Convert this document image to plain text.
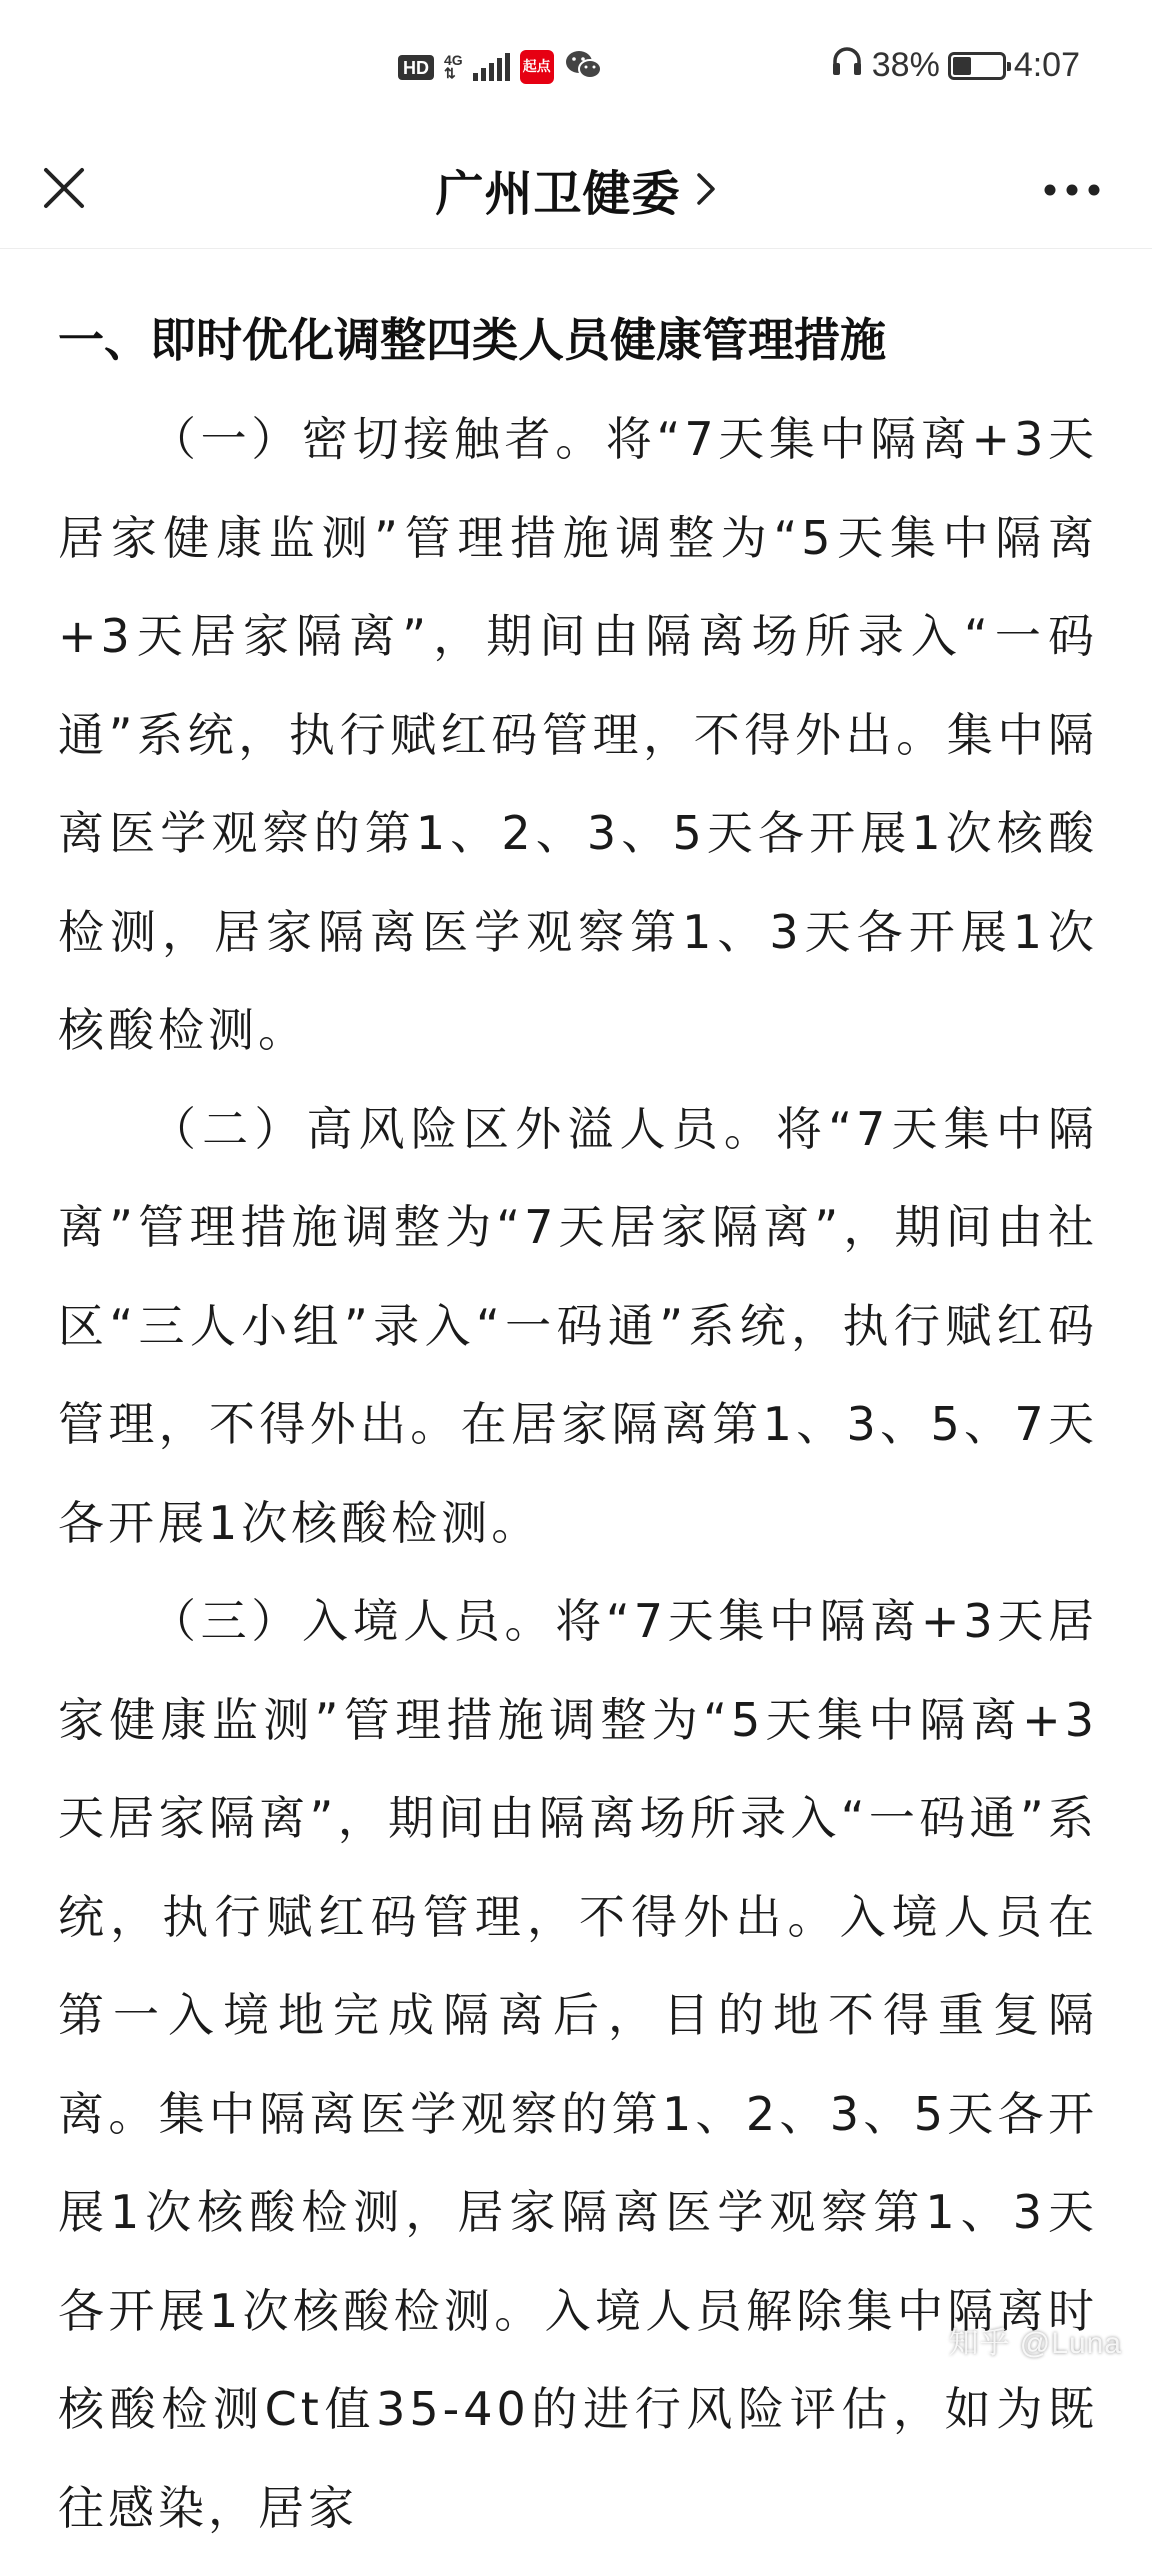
HD	4G
⇅	起点	38% 4:07
广州卫健委
一、即时优化调整四类人员健康管理措施

（一）密切接触者。将“7天集中隔离+3天居家健康监测”管理措施调整为“5天集中隔离+3天居家隔离”，期间由隔离场所录入“一码通”系统，执行赋红码管理，不得外出。集中隔离医学观察的第1、2、3、5天各开展1次核酸检测，居家隔离医学观察第1、3天各开展1次核酸检测。

（二）高风险区外溢人员。将“7天集中隔离”管理措施调整为“7天居家隔离”，期间由社区“三人小组”录入“一码通”系统，执行赋红码管理，不得外出。在居家隔离第1、3、5、7天各开展1次核酸检测。

（三）入境人员。将“7天集中隔离+3天居家健康监测”管理措施调整为“5天集中隔离+3天居家隔离”，期间由隔离场所录入“一码通”系统，执行赋红码管理，不得外出。入境人员在第一入境地完成隔离后，目的地不得重复隔离。集中隔离医学观察的第1、2、3、5天各开展1次核酸检测，居家隔离医学观察第1、3天各开展1次核酸检测。入境人员解除集中隔离时核酸检测Ct值35-40的进行风险评估，如为既往感染，居家

知乎 @Luna
